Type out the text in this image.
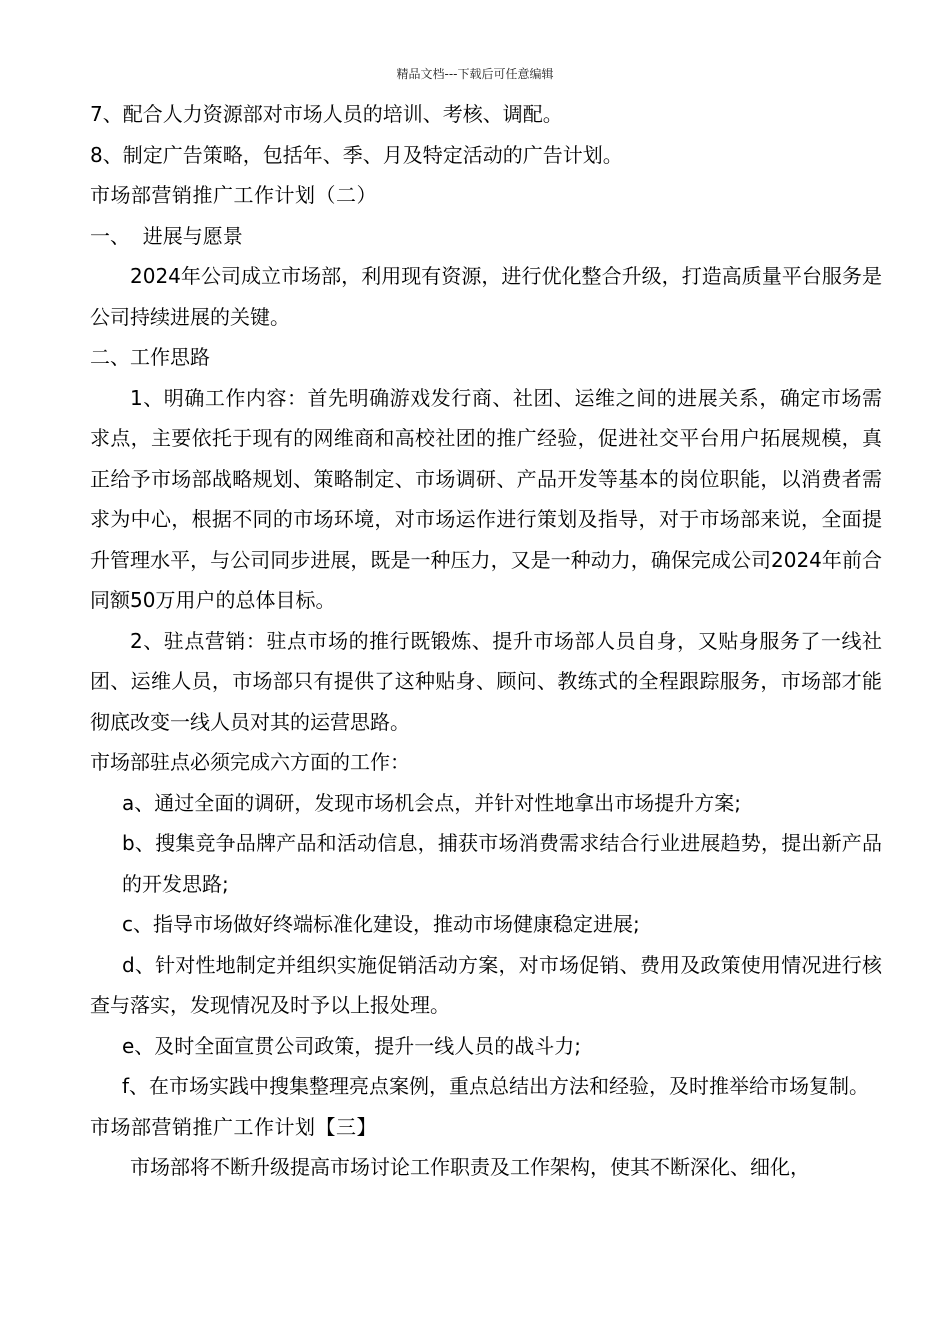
精品文档---下载后可任意编辑

7、配合人力资源部对市场人员的培训、考核、调配。

8、制定广告策略，包括年、季、月及特定活动的广告计划。

市场部营销推广工作计划（二）

一、  进展与愿景

2024年公司成立市场部，利用现有资源，进行优化整合升级，打造高质量平台服务是公司持续进展的关键。

二、工作思路

1、明确工作内容：首先明确游戏发行商、社团、运维之间的进展关系，确定市场需求点，主要依托于现有的网维商和高校社团的推广经验，促进社交平台用户拓展规模，真正给予市场部战略规划、策略制定、市场调研、产品开发等基本的岗位职能，以消费者需求为中心，根据不同的市场环境，对市场运作进行策划及指导，对于市场部来说，全面提升管理水平，与公司同步进展，既是一种压力，又是一种动力，确保完成公司2024年前合同额50万用户的总体目标。

2、驻点营销：驻点市场的推行既锻炼、提升市场部人员自身，又贴身服务了一线社团、运维人员，市场部只有提供了这种贴身、顾问、教练式的全程跟踪服务，市场部才能彻底改变一线人员对其的运营思路。

市场部驻点必须完成六方面的工作：

a、通过全面的调研，发现市场机会点，并针对性地拿出市场提升方案;

b、搜集竞争品牌产品和活动信息，捕获市场消费需求结合行业进展趋势，提出新产品的开发思路;

c、指导市场做好终端标准化建设，推动市场健康稳定进展;

d、针对性地制定并组织实施促销活动方案，对市场促销、费用及政策使用情况进行核查与落实，发现情况及时予以上报处理。

e、及时全面宣贯公司政策，提升一线人员的战斗力;

f、在市场实践中搜集整理亮点案例，重点总结出方法和经验，及时推举给市场复制。

市场部营销推广工作计划【三】

市场部将不断升级提高市场讨论工作职责及工作架构，使其不断深化、细化，
